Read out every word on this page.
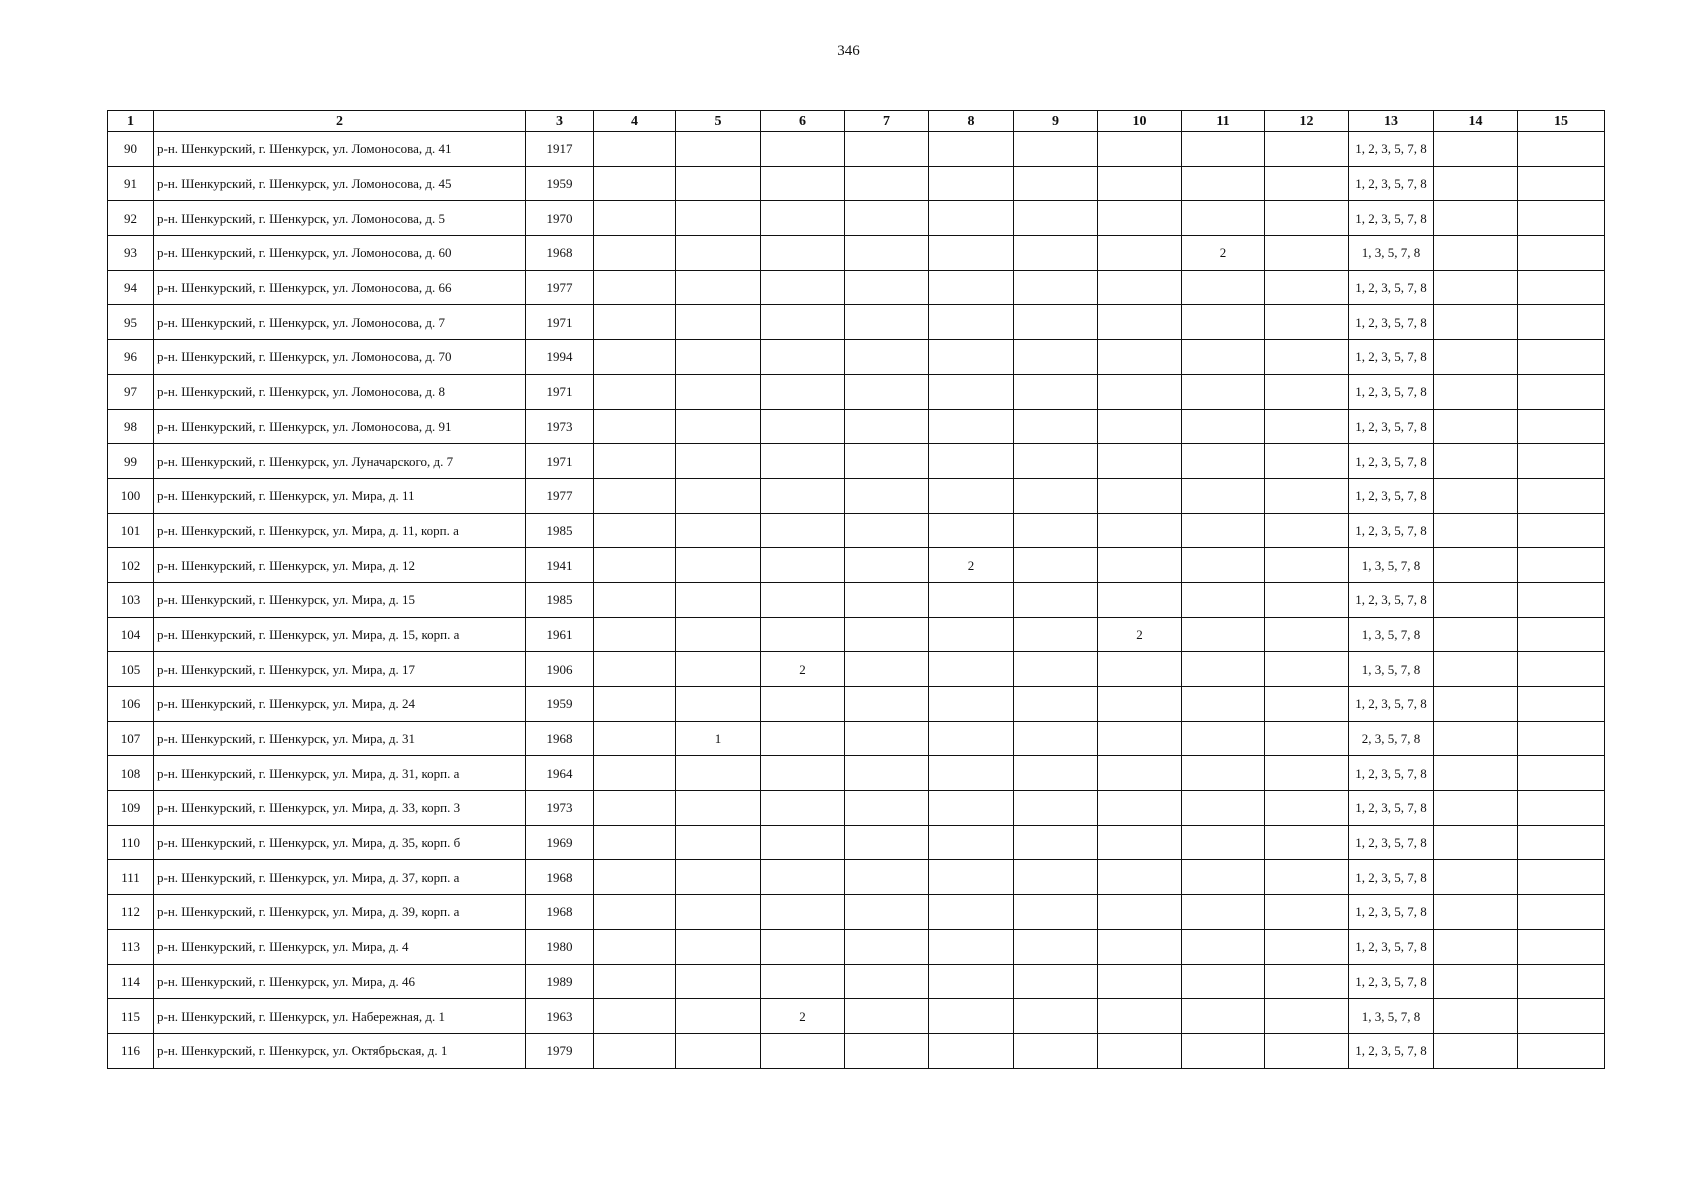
346
1	2	3	4	5	6	7	8	9	10	11	12	13	14	15
90	р-н. Шенкурский, г. Шенкурск, ул. Ломоносова, д. 41	1917										1, 2, 3, 5, 7, 8		

91	р-н. Шенкурский, г. Шенкурск, ул. Ломоносова, д. 45	1959										1, 2, 3, 5, 7, 8		

92	р-н. Шенкурский, г. Шенкурск, ул. Ломоносова, д. 5	1970										1, 2, 3, 5, 7, 8		

93	р-н. Шенкурский, г. Шенкурск, ул. Ломоносова, д. 60	1968								2		1, 3, 5, 7, 8		

94	р-н. Шенкурский, г. Шенкурск, ул. Ломоносова, д. 66	1977										1, 2, 3, 5, 7, 8		

95	р-н. Шенкурский, г. Шенкурск, ул. Ломоносова, д. 7	1971										1, 2, 3, 5, 7, 8		

96	р-н. Шенкурский, г. Шенкурск, ул. Ломоносова, д. 70	1994										1, 2, 3, 5, 7, 8		

97	р-н. Шенкурский, г. Шенкурск, ул. Ломоносова, д. 8	1971										1, 2, 3, 5, 7, 8		

98	р-н. Шенкурский, г. Шенкурск, ул. Ломоносова, д. 91	1973										1, 2, 3, 5, 7, 8		

99	р-н. Шенкурский, г. Шенкурск, ул. Луначарского, д. 7	1971										1, 2, 3, 5, 7, 8		

100	р-н. Шенкурский, г. Шенкурск, ул. Мира, д. 11	1977										1, 2, 3, 5, 7, 8		

101	р-н. Шенкурский, г. Шенкурск, ул. Мира, д. 11, корп. а	1985										1, 2, 3, 5, 7, 8		

102	р-н. Шенкурский, г. Шенкурск, ул. Мира, д. 12	1941					2					1, 3, 5, 7, 8		

103	р-н. Шенкурский, г. Шенкурск, ул. Мира, д. 15	1985										1, 2, 3, 5, 7, 8		

104	р-н. Шенкурский, г. Шенкурск, ул. Мира, д. 15, корп. а	1961							2			1, 3, 5, 7, 8		

105	р-н. Шенкурский, г. Шенкурск, ул. Мира, д. 17	1906			2							1, 3, 5, 7, 8		

106	р-н. Шенкурский, г. Шенкурск, ул. Мира, д. 24	1959										1, 2, 3, 5, 7, 8		

107	р-н. Шенкурский, г. Шенкурск, ул. Мира, д. 31	1968		1								2, 3, 5, 7, 8		

108	р-н. Шенкурский, г. Шенкурск, ул. Мира, д. 31, корп. а	1964										1, 2, 3, 5, 7, 8		

109	р-н. Шенкурский, г. Шенкурск, ул. Мира, д. 33, корп. 3	1973										1, 2, 3, 5, 7, 8		

110	р-н. Шенкурский, г. Шенкурск, ул. Мира, д. 35, корп. б	1969										1, 2, 3, 5, 7, 8		

111	р-н. Шенкурский, г. Шенкурск, ул. Мира, д. 37, корп. а	1968										1, 2, 3, 5, 7, 8		

112	р-н. Шенкурский, г. Шенкурск, ул. Мира, д. 39, корп. а	1968										1, 2, 3, 5, 7, 8		

113	р-н. Шенкурский, г. Шенкурск, ул. Мира, д. 4	1980										1, 2, 3, 5, 7, 8		

114	р-н. Шенкурский, г. Шенкурск, ул. Мира, д. 46	1989										1, 2, 3, 5, 7, 8		

115	р-н. Шенкурский, г. Шенкурск, ул. Набережная, д. 1	1963			2							1, 3, 5, 7, 8		

116	р-н. Шенкурский, г. Шенкурск, ул. Октябрьская, д. 1	1979										1, 2, 3, 5, 7, 8		
